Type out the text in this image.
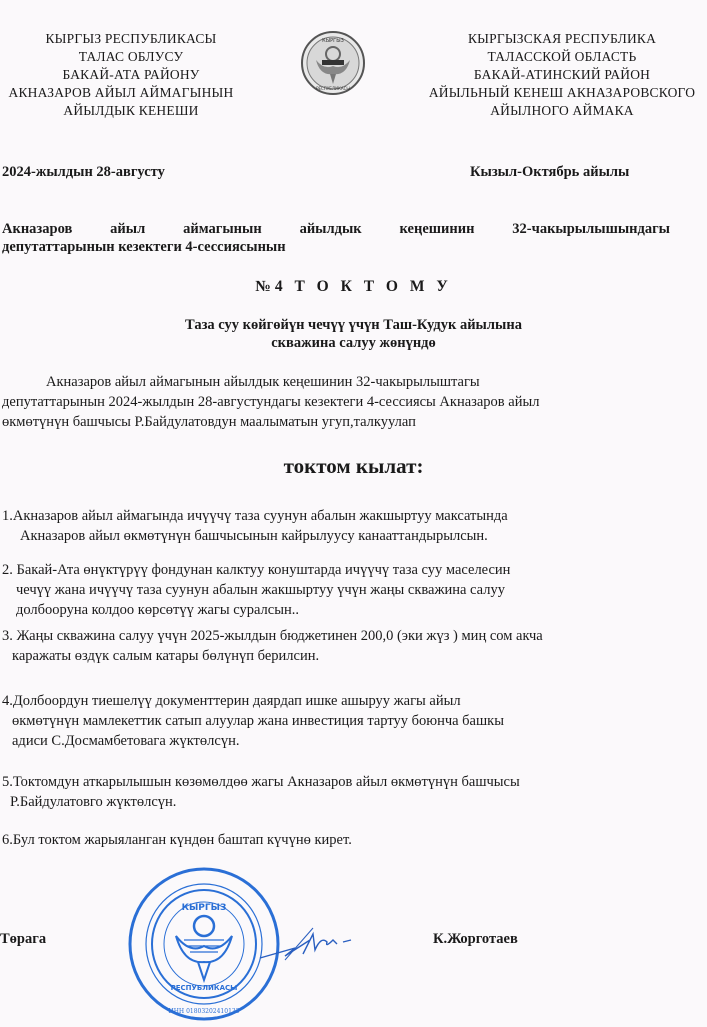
КЫРГЫЗ РЕСПУБЛИКАСЫ
ТАЛАС ОБЛУСУ
БАКАЙ-АТА РАЙОНУ
АКНАЗАРОВ АЙЫЛ АЙМАГЫНЫН
АЙЫЛДЫК КЕНЕШИ
КЫРГЫЗ
РЕСПУБЛИКАСЫ
КЫРГЫЗСКАЯ РЕСПУБЛИКА
ТАЛАССКОЙ ОБЛАСТЬ
БАКАЙ-АТИНСКИЙ РАЙОН
АЙЫЛЬНЫЙ КЕНЕШ АКНАЗАРОВСКОГО
АЙЫЛНОГО АЙМАКА
2024-жылдын 28-августу	Кызыл-Октябрь айылы
Акназаров айыл аймагынын айылдык кеңешинин 32-чакырылышындагы
депутаттарынын кезектеги 4-сессиясынын
№4 Т О К Т О М У
Таза суу көйгөйүн чечүү үчүн Таш-Кудук айылына
скважина салуу жөнүндө
Акназаров айыл аймагынын айылдык кеңешинин 32-чакырылыштагы
депутаттарынын 2024-жылдын 28-августундагы кезектеги 4-сессиясы Акназаров айыл
өкмөтүнүн башчысы Р.Байдулатовдун маалыматын угуп,талкуулап
токтом кылат:
1.Акназаров айыл аймагында ичүүчү таза суунун абалын жакшыртуу максатында
Акназаров айыл өкмөтүнүн башчысынын кайрылуусу канааттандырылсын.
2. Бакай-Ата өнүктүрүү фондунан калктуу конуштарда ичүүчү таза суу маселесин
чечүү жана ичүүчү таза суунун абалын жакшыртуу үчүн жаңы скважина салуу
долбооруна колдоо көрсөтүү жагы суралсын..
3. Жаңы скважина салуу үчүн 2025-жылдын бюджетинен 200,0 (эки жүз ) миң сом акча
каражаты өздүк салым катары бөлүнүп берилсин.
4.Долбоордун тиешелүү документтерин даярдап ишке ашыруу жагы айыл
өкмөтүнүн мамлекеттик сатып алуулар жана инвестиция тартуу боюнча башкы
адиси С.Досмамбетовага жүктөлсүн.
5.Токтомдун аткарылышын көзөмөлдөө жагы Акназаров айыл өкмөтүнүн башчысы
Р.Байдулатовго жүктөлсүн.
6.Бул токтом жарыяланган күндөн баштап күчүнө кирет.
КЫРГЫЗ
РЕСПУБЛИКАСЫ
ИНН 01803202410135
Төрага	К.Жорготаев
